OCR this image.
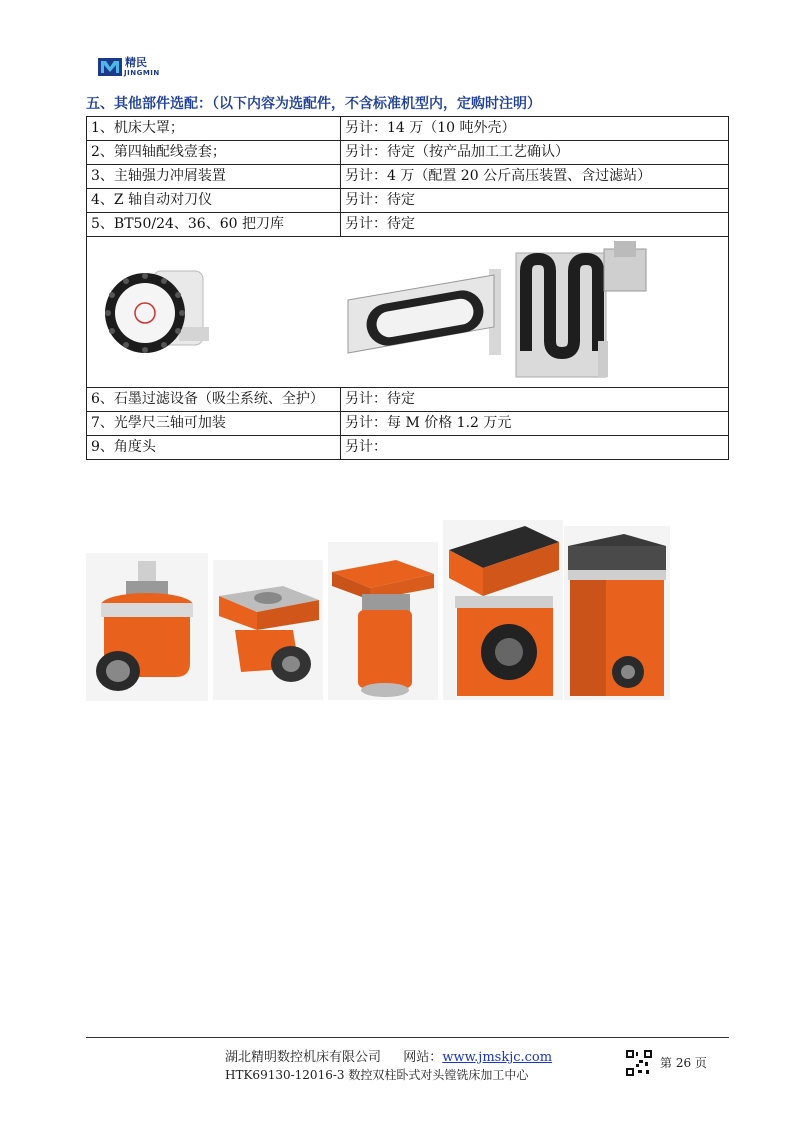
精民
JINGMIN
五、其他部件选配：（以下内容为选配件，不含标准机型内，定购时注明）
1、机床大罩；	另计：14 万（10 吨外壳）
2、第四轴配线壹套；	另计：待定（按产品加工工艺确认）
3、主轴强力冲屑装置	另计：4 万（配置 20 公斤高压装置、含过滤站）
4、Z 轴自动对刀仪	另计：待定
5、BT50/24、36、60 把刀库	另计：待定

6、石墨过滤设备（吸尘系统、全护）	另计：待定
7、光學尺三轴可加装	另计：每 M 价格 1.2 万元
9、角度头	另计：
湖北精明数控机床有限公司 网站：www.jmskjc.com
HTK69130-12016-3 数控双柱卧式对头镗铣床加工中心
第 26 页
